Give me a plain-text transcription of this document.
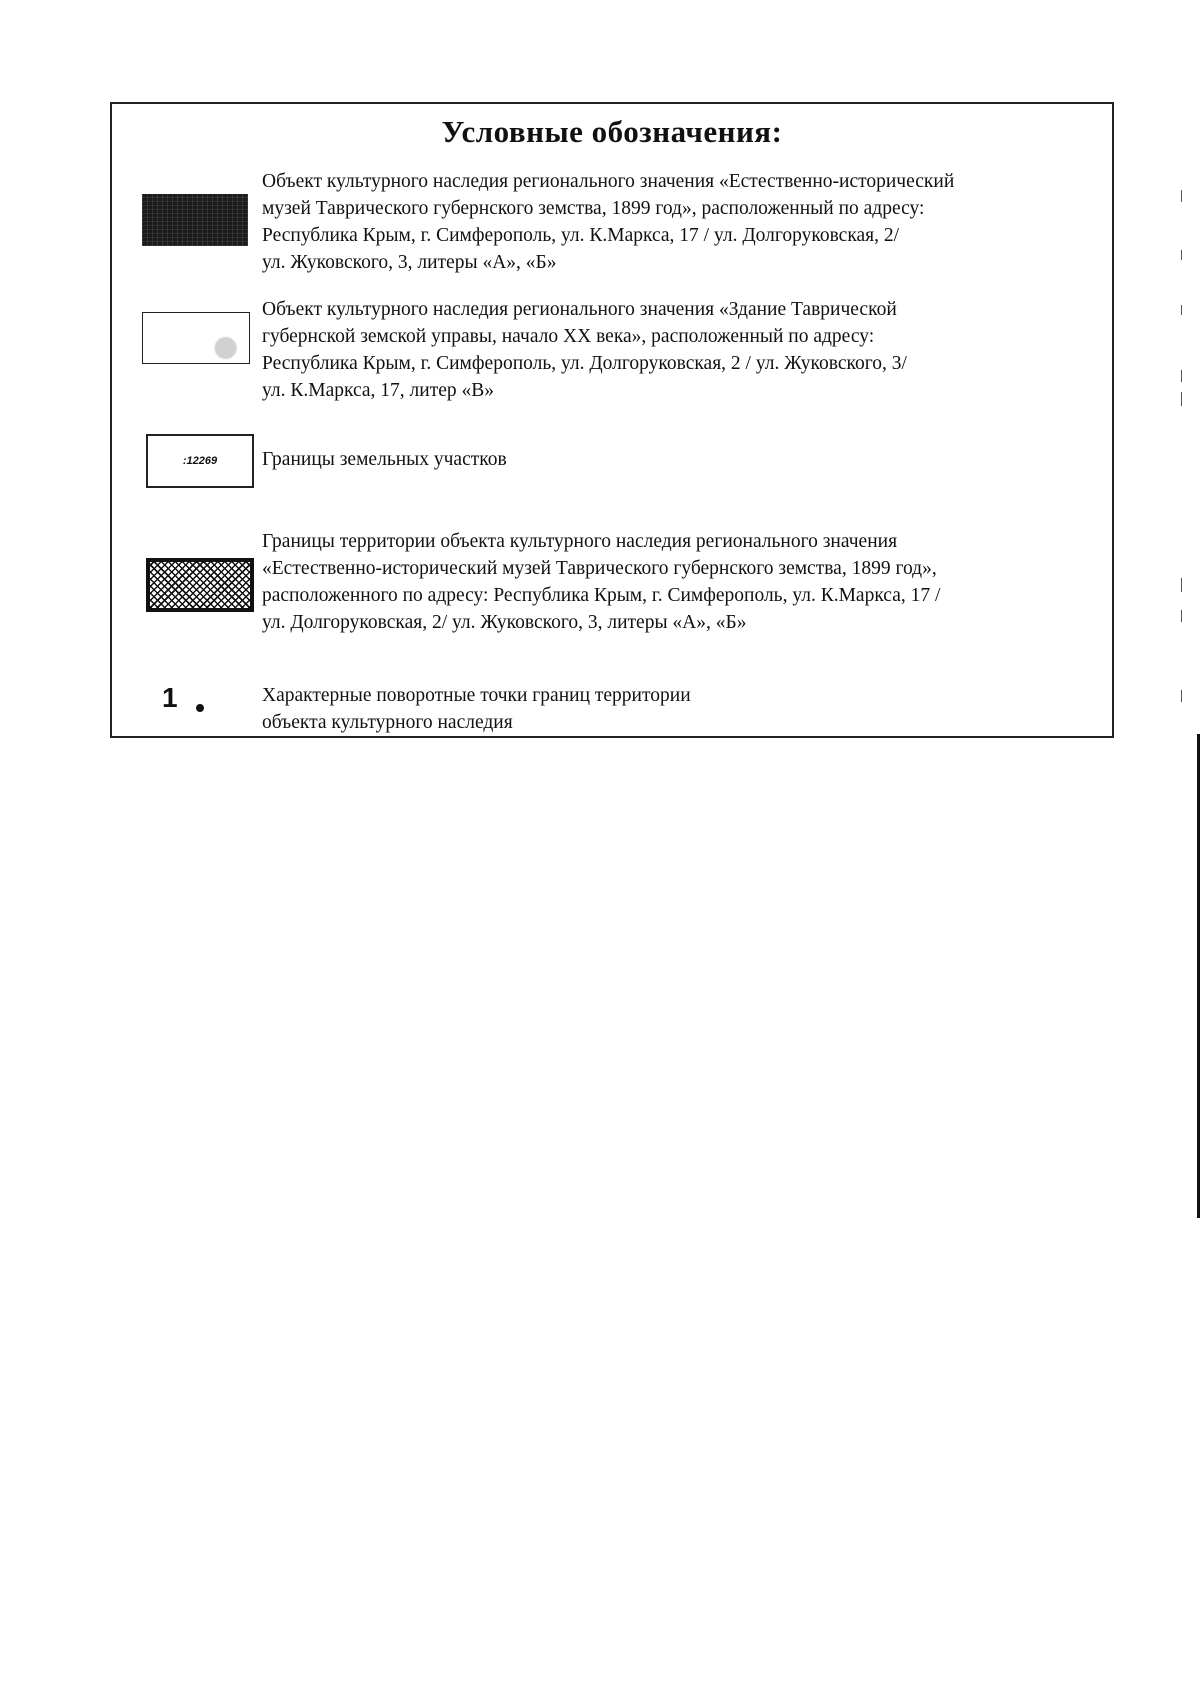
Условные обозначения:
Объект культурного наследия регионального значения «Естественно-исторический
музей Таврического губернского земства, 1899 год», расположенный по адресу:
Республика Крым, г. Симферополь, ул. К.Маркса, 17 / ул. Долгоруковская, 2/
ул. Жуковского, 3, литеры «А», «Б»
Объект культурного наследия регионального значения «Здание Таврической
губернской земской управы, начало XX века», расположенный по адресу:
Республика Крым, г. Симферополь, ул. Долгоруковская, 2 / ул. Жуковского, 3/
ул. К.Маркса, 17, литер «В»
:12269 Границы земельных участков
Границы территории объекта культурного наследия регионального значения
«Естественно-исторический музей Таврического губернского земства, 1899 год»,
расположенного по адресу: Республика Крым, г. Симферополь, ул. К.Маркса, 17 /
ул. Долгоруковская, 2/ ул. Жуковского, 3, литеры «А», «Б»
1	Характерные поворотные точки границ территории
объекта культурного наследия
